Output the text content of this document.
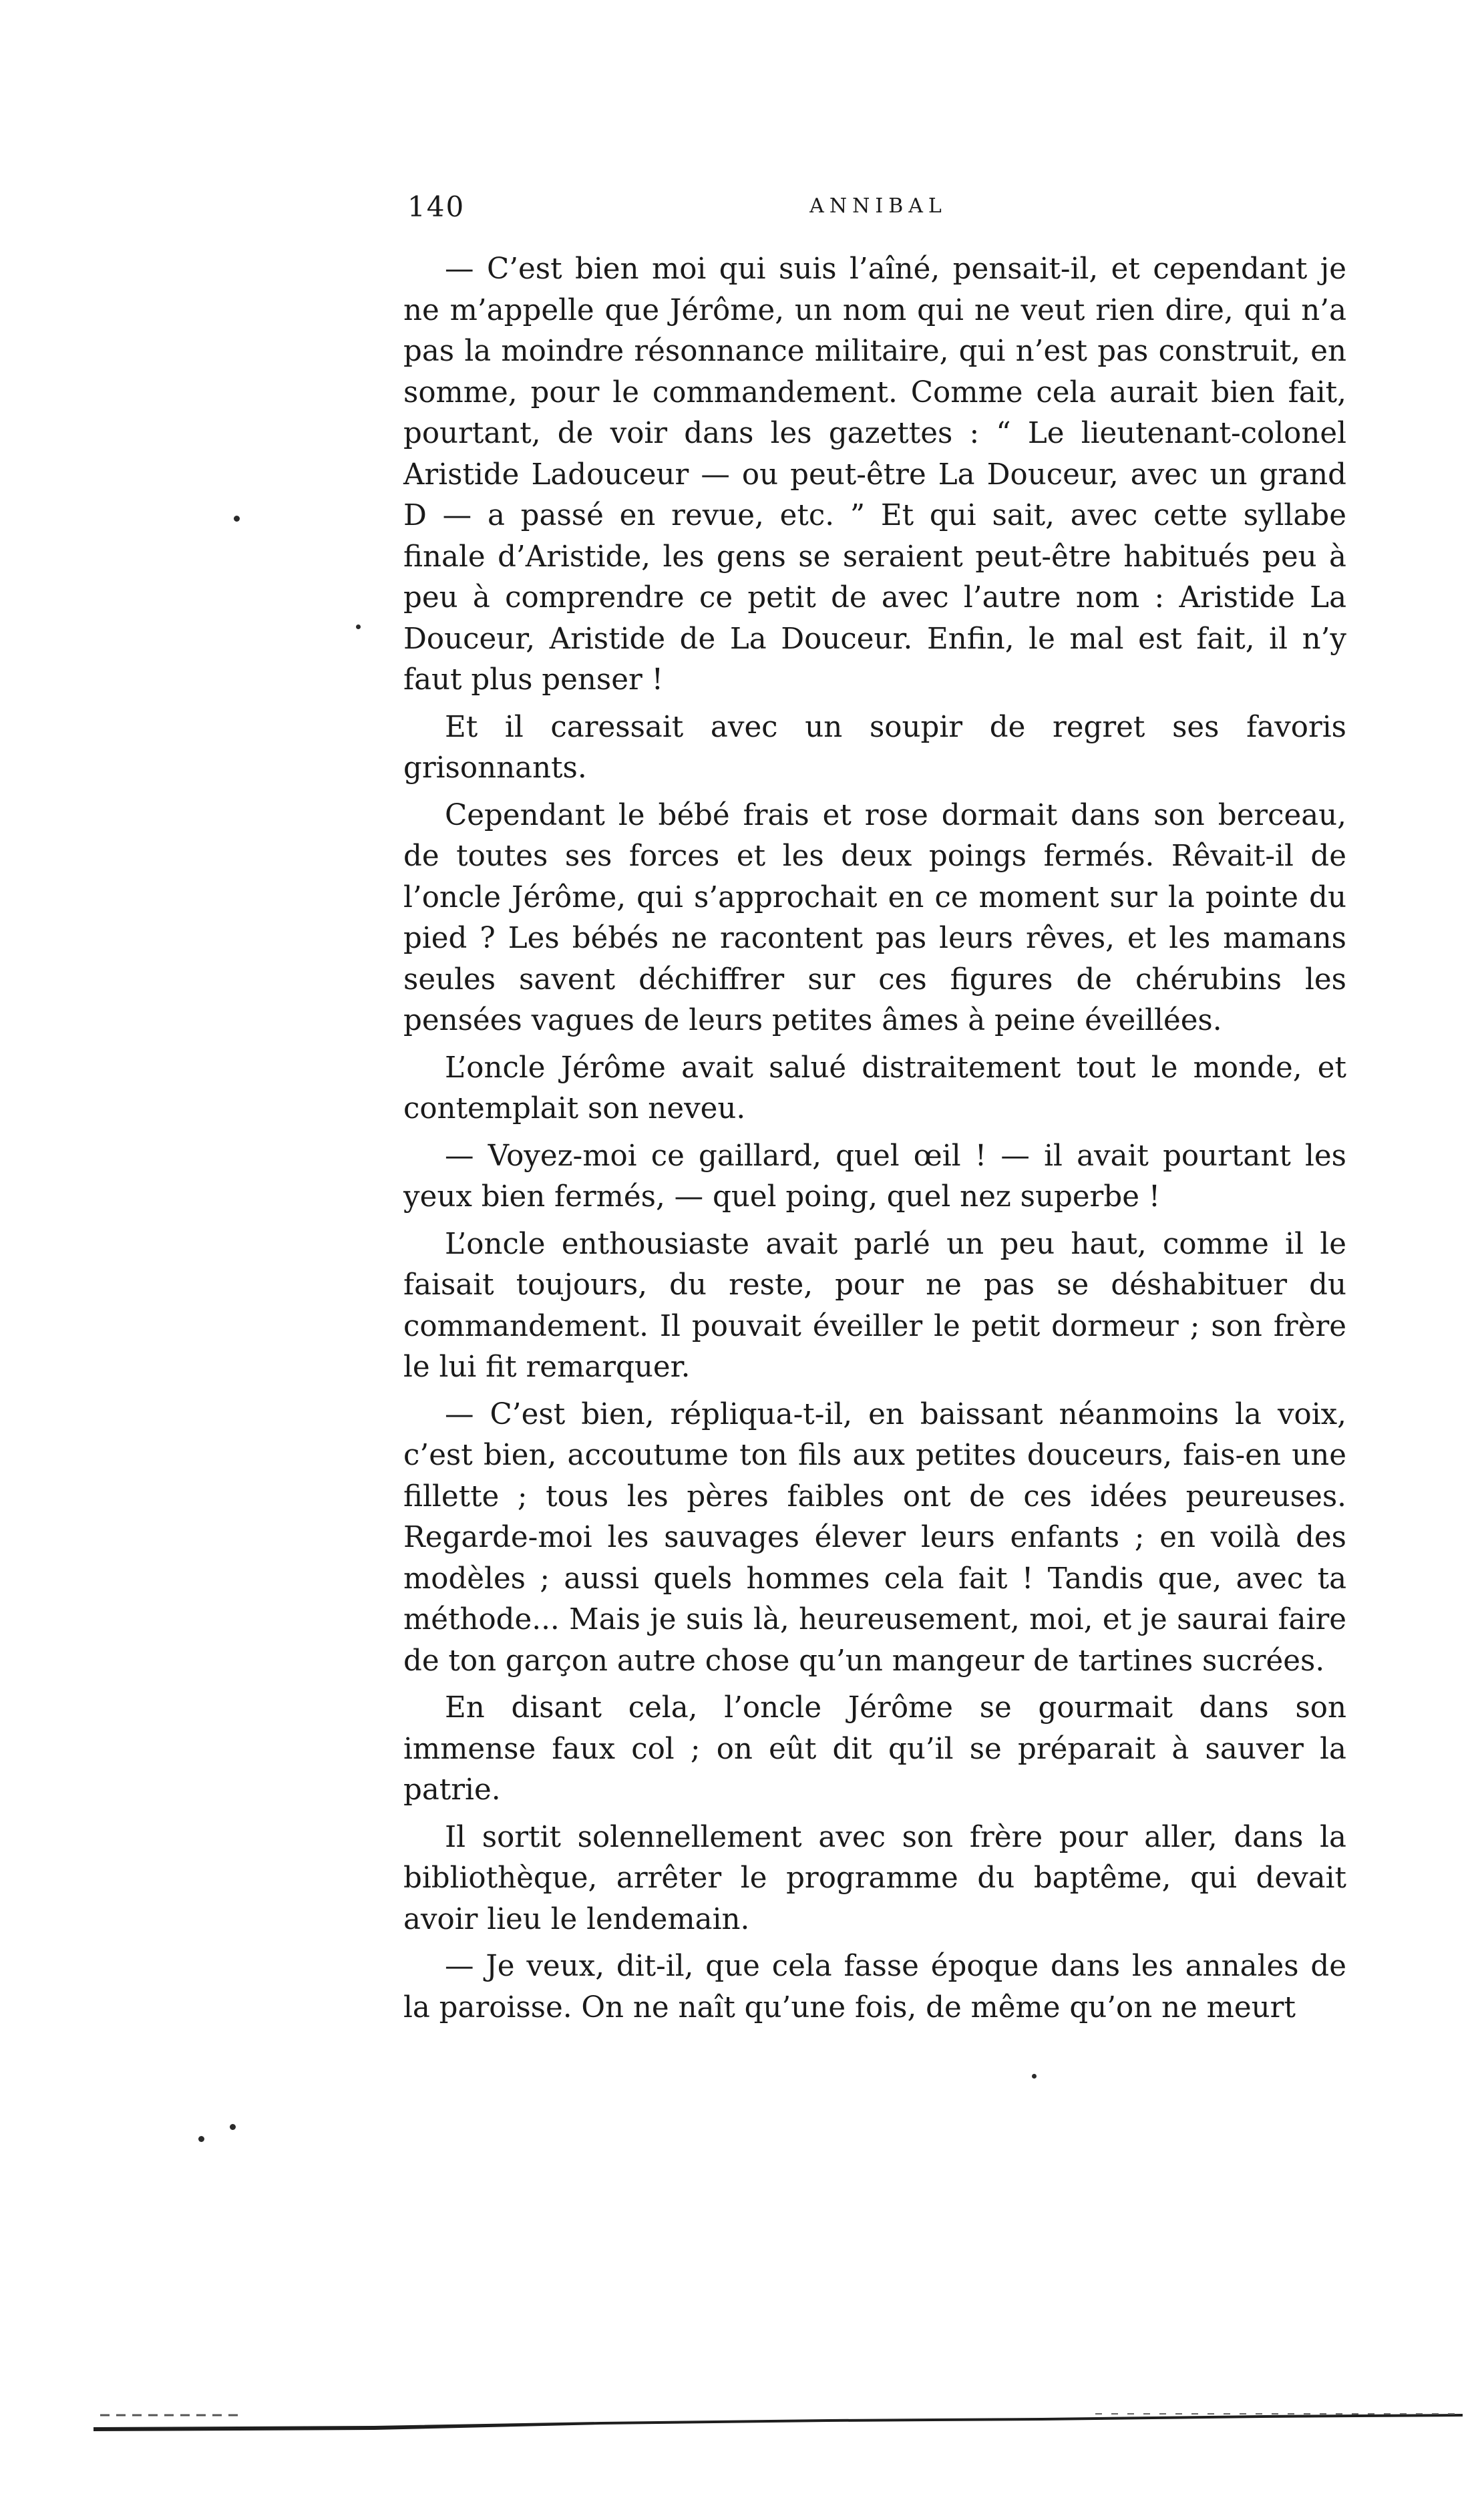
140	ANNIBAL

— C’est bien moi qui suis l’aîné, pensait-il, et cependant je ne m’appelle que Jérôme, un nom qui ne veut rien dire, qui n’a pas la moindre résonnance militaire, qui n’est pas construit, en somme, pour le commandement. Comme cela aurait bien fait, pourtant, de voir dans les gazettes : “ Le lieutenant-colonel Aristide Ladouceur — ou peut-être La Douceur, avec un grand D — a passé en revue, etc. ” Et qui sait, avec cette syllabe finale d’Aristide, les gens se seraient peut-être habitués peu à peu à comprendre ce petit de avec l’autre nom : Aristide La Douceur, Aristide de La Douceur. Enfin, le mal est fait, il n’y faut plus penser !

Et il caressait avec un soupir de regret ses favoris grisonnants.

Cependant le bébé frais et rose dormait dans son berceau, de toutes ses forces et les deux poings fermés. Rêvait-il de l’oncle Jérôme, qui s’approchait en ce moment sur la pointe du pied ? Les bébés ne racontent pas leurs rêves, et les mamans seules savent déchiffrer sur ces figures de chérubins les pensées vagues de leurs petites âmes à peine éveillées.

L’oncle Jérôme avait salué distraitement tout le monde, et contemplait son neveu.

— Voyez-moi ce gaillard, quel œil ! — il avait pourtant les yeux bien fermés, — quel poing, quel nez superbe !

L’oncle enthousiaste avait parlé un peu haut, comme il le faisait toujours, du reste, pour ne pas se déshabituer du commandement. Il pouvait éveiller le petit dormeur ; son frère le lui fit remarquer.

— C’est bien, répliqua-t-il, en baissant néanmoins la voix, c’est bien, accoutume ton fils aux petites douceurs, fais-en une fillette ; tous les pères faibles ont de ces idées peureuses. Regarde-moi les sauvages élever leurs enfants ; en voilà des modèles ; aussi quels hommes cela fait ! Tandis que, avec ta méthode... Mais je suis là, heureusement, moi, et je saurai faire de ton garçon autre chose qu’un mangeur de tartines sucrées.

En disant cela, l’oncle Jérôme se gourmait dans son immense faux col ; on eût dit qu’il se préparait à sauver la patrie.

Il sortit solennellement avec son frère pour aller, dans la bibliothèque, arrêter le programme du baptême, qui devait avoir lieu le lendemain.

— Je veux, dit-il, que cela fasse époque dans les annales de la paroisse. On ne naît qu’une fois, de même qu’on ne meurt
